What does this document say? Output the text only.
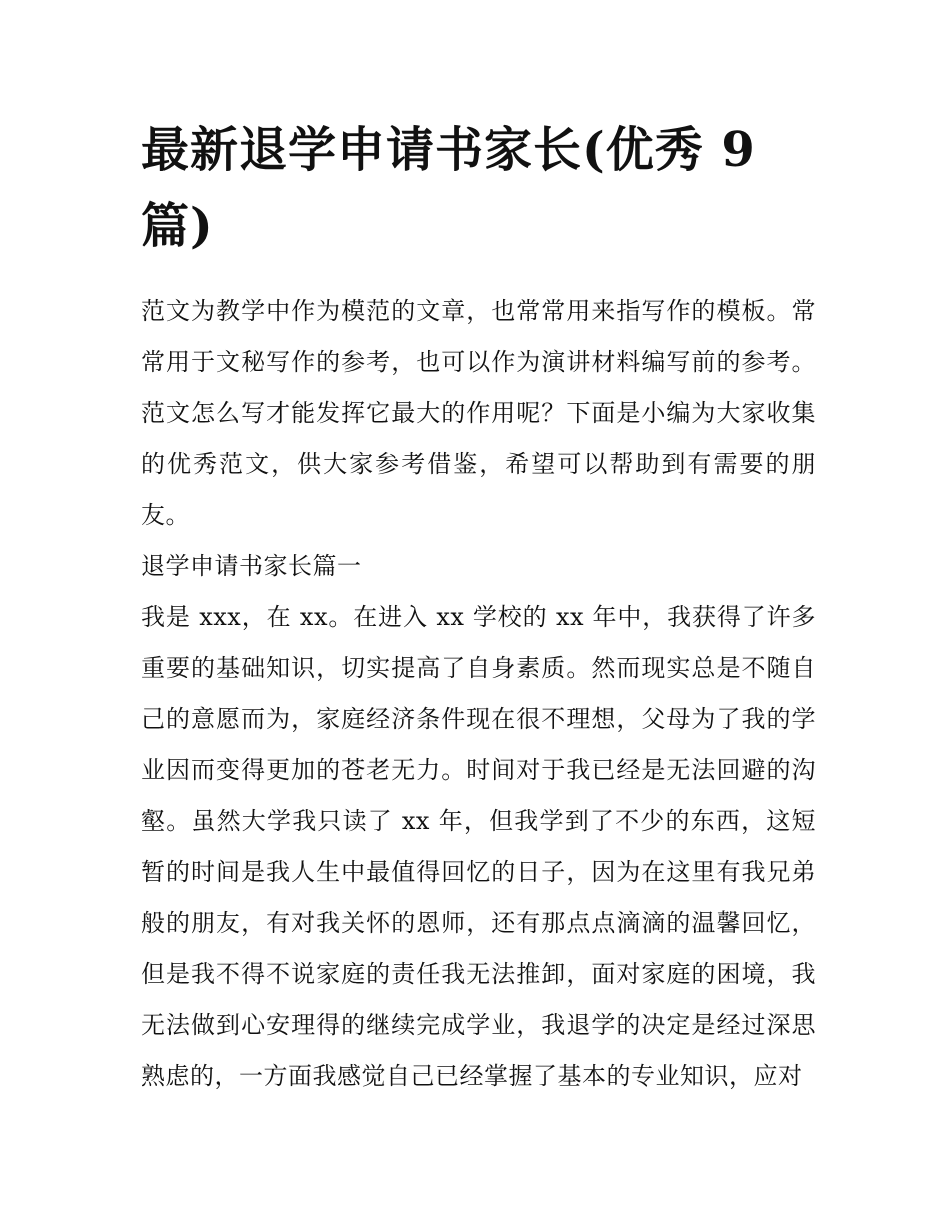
最新退学申请书家长(优秀 9 篇)

范文为教学中作为模范的文章，也常常用来指写作的模板。常常用于文秘写作的参考，也可以作为演讲材料编写前的参考。范文怎么写才能发挥它最大的作用呢？下面是小编为大家收集的优秀范文，供大家参考借鉴，希望可以帮助到有需要的朋友。

退学申请书家长篇一

我是 xxx，在 xx。在进入 xx 学校的 xx 年中，我获得了许多重要的基础知识，切实提高了自身素质。然而现实总是不随自己的意愿而为，家庭经济条件现在很不理想，父母为了我的学业因而变得更加的苍老无力。时间对于我已经是无法回避的沟壑。虽然大学我只读了 xx 年，但我学到了不少的东西，这短暂的时间是我人生中最值得回忆的日子，因为在这里有我兄弟般的朋友，有对我关怀的恩师，还有那点点滴滴的温馨回忆，但是我不得不说家庭的责任我无法推卸，面对家庭的困境，我无法做到心安理得的继续完成学业，我退学的决定是经过深思熟虑的，一方面我感觉自己已经掌握了基本的专业知识，应对
